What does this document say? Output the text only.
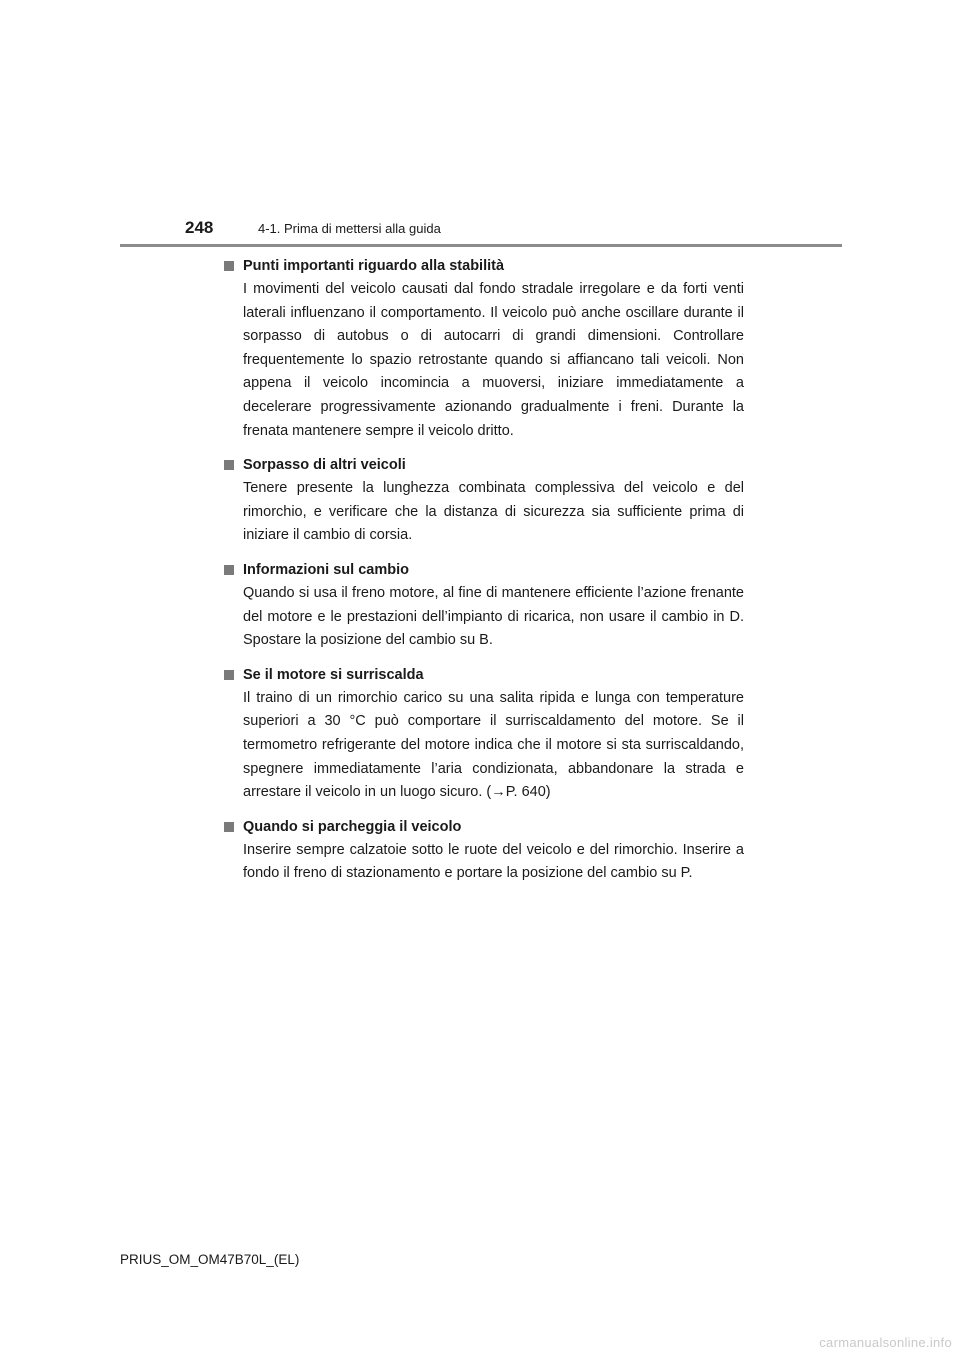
248	4-1. Prima di mettersi alla guida
Punti importanti riguardo alla stabilità

I movimenti del veicolo causati dal fondo stradale irregolare e da forti venti laterali influenzano il comportamento. Il veicolo può anche oscillare durante il sorpasso di autobus o di autocarri di grandi dimensioni. Controllare frequentemente lo spazio retrostante quando si affiancano tali veicoli. Non appena il veicolo incomincia a muoversi, iniziare immediatamente a decelerare progressivamente azionando gradualmente i freni. Durante la frenata mantenere sempre il veicolo dritto.

Sorpasso di altri veicoli

Tenere presente la lunghezza combinata complessiva del veicolo e del rimorchio, e verificare che la distanza di sicurezza sia sufficiente prima di iniziare il cambio di corsia.

Informazioni sul cambio

Quando si usa il freno motore, al fine di mantenere efficiente l’azione frenante del motore e le prestazioni dell’impianto di ricarica, non usare il cambio in D. Spostare la posizione del cambio su B.

Se il motore si surriscalda

Il traino di un rimorchio carico su una salita ripida e lunga con temperature superiori a 30 °C può comportare il surriscaldamento del motore. Se il termometro refrigerante del motore indica che il motore si sta surriscaldando, spegnere immediatamente l’aria condizionata, abbandonare la strada e arrestare il veicolo in un luogo sicuro. (→P. 640)

Quando si parcheggia il veicolo

Inserire sempre calzatoie sotto le ruote del veicolo e del rimorchio. Inserire a fondo il freno di stazionamento e portare la posizione del cambio su P.

PRIUS_OM_OM47B70L_(EL)
carmanualsonline.info
